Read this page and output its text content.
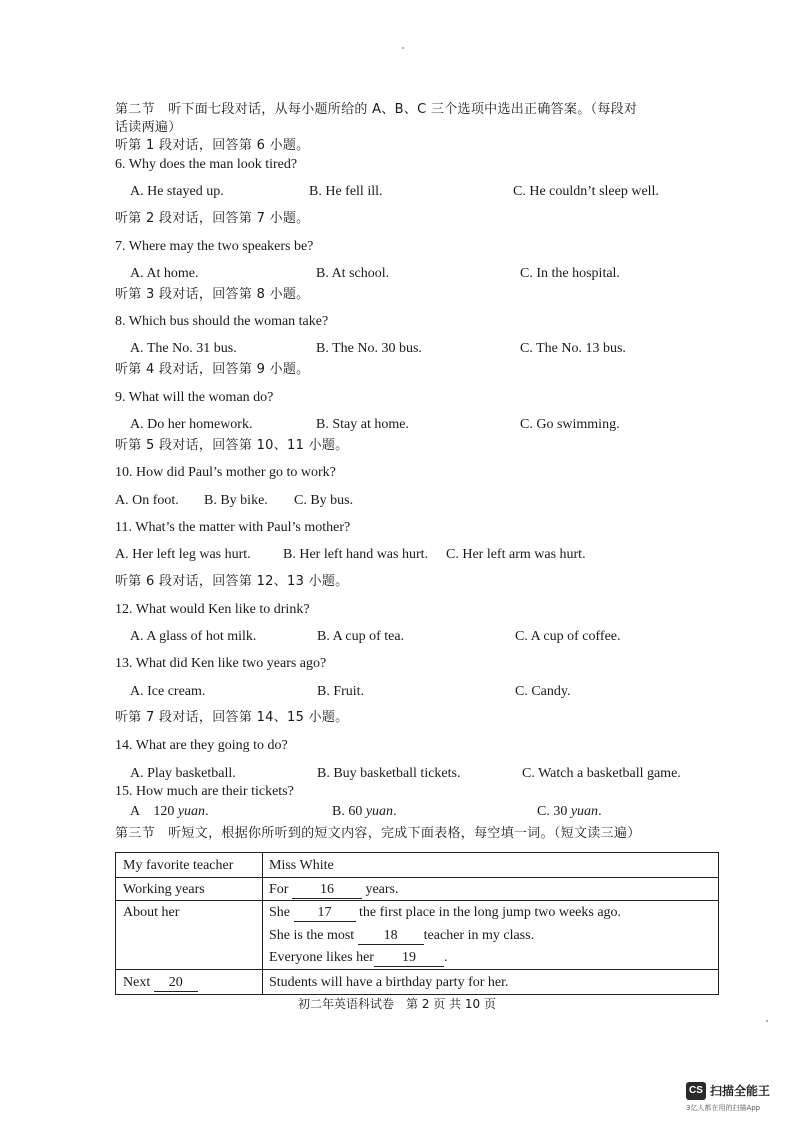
第二节　听下面七段对话，从每小题所给的 A、B、C 三个选项中选出正确答案。（每段对
话读两遍）
听第 1 段对话，回答第 6 小题。
6. Why does the man look tired?
A. He stayed up.	B. He fell ill.	C. He couldn’t sleep well.
听第 2 段对话，回答第 7 小题。
7. Where may the two speakers be?
A. At home.	B. At school.	C. In the hospital.
听第 3 段对话，回答第 8 小题。
8. Which bus should the woman take?
A. The No. 31 bus.	B. The No. 30 bus.	C. The No. 13 bus.
听第 4 段对话，回答第 9 小题。
9. What will the woman do?
A. Do her homework.	B. Stay at home.	C. Go swimming.
听第 5 段对话，回答第 10、11 小题。
10. How did Paul’s mother go to work?
A. On foot. B. By bike. C. By bus.
11. What’s the matter with Paul’s mother?
A. Her left leg was hurt. B. Her left hand was hurt. C. Her left arm was hurt.
听第 6 段对话，回答第 12、13 小题。
12. What would Ken like to drink?
A. A glass of hot milk.	B. A cup of tea.	C. A cup of coffee.
13. What did Ken like two years ago?
A. Ice cream.	B. Fruit.	C. Candy.
听第 7 段对话，回答第 14、15 小题。
14. What are they going to do?
A. Play basketball.	B. Buy basketball tickets.	C. Watch a basketball game.
15. How much are their tickets?
A　120 yuan.	B. 60 yuan.	C. 30 yuan.
第三节　听短文，根据你所听到的短文内容，完成下面表格，每空填一词。（短文读三遍）
My favorite teacher	Miss White
Working years	For 16 years.
About her	She 17 the first place in the long jump two weeks ago.
She is the most 18 teacher in my class.
Everyone likes her 19 .
Next 20	Students will have a birthday party for her.
初二年英语科试卷　第 2 页 共 10 页
CS 扫描全能王
3亿人都在用的扫描App
